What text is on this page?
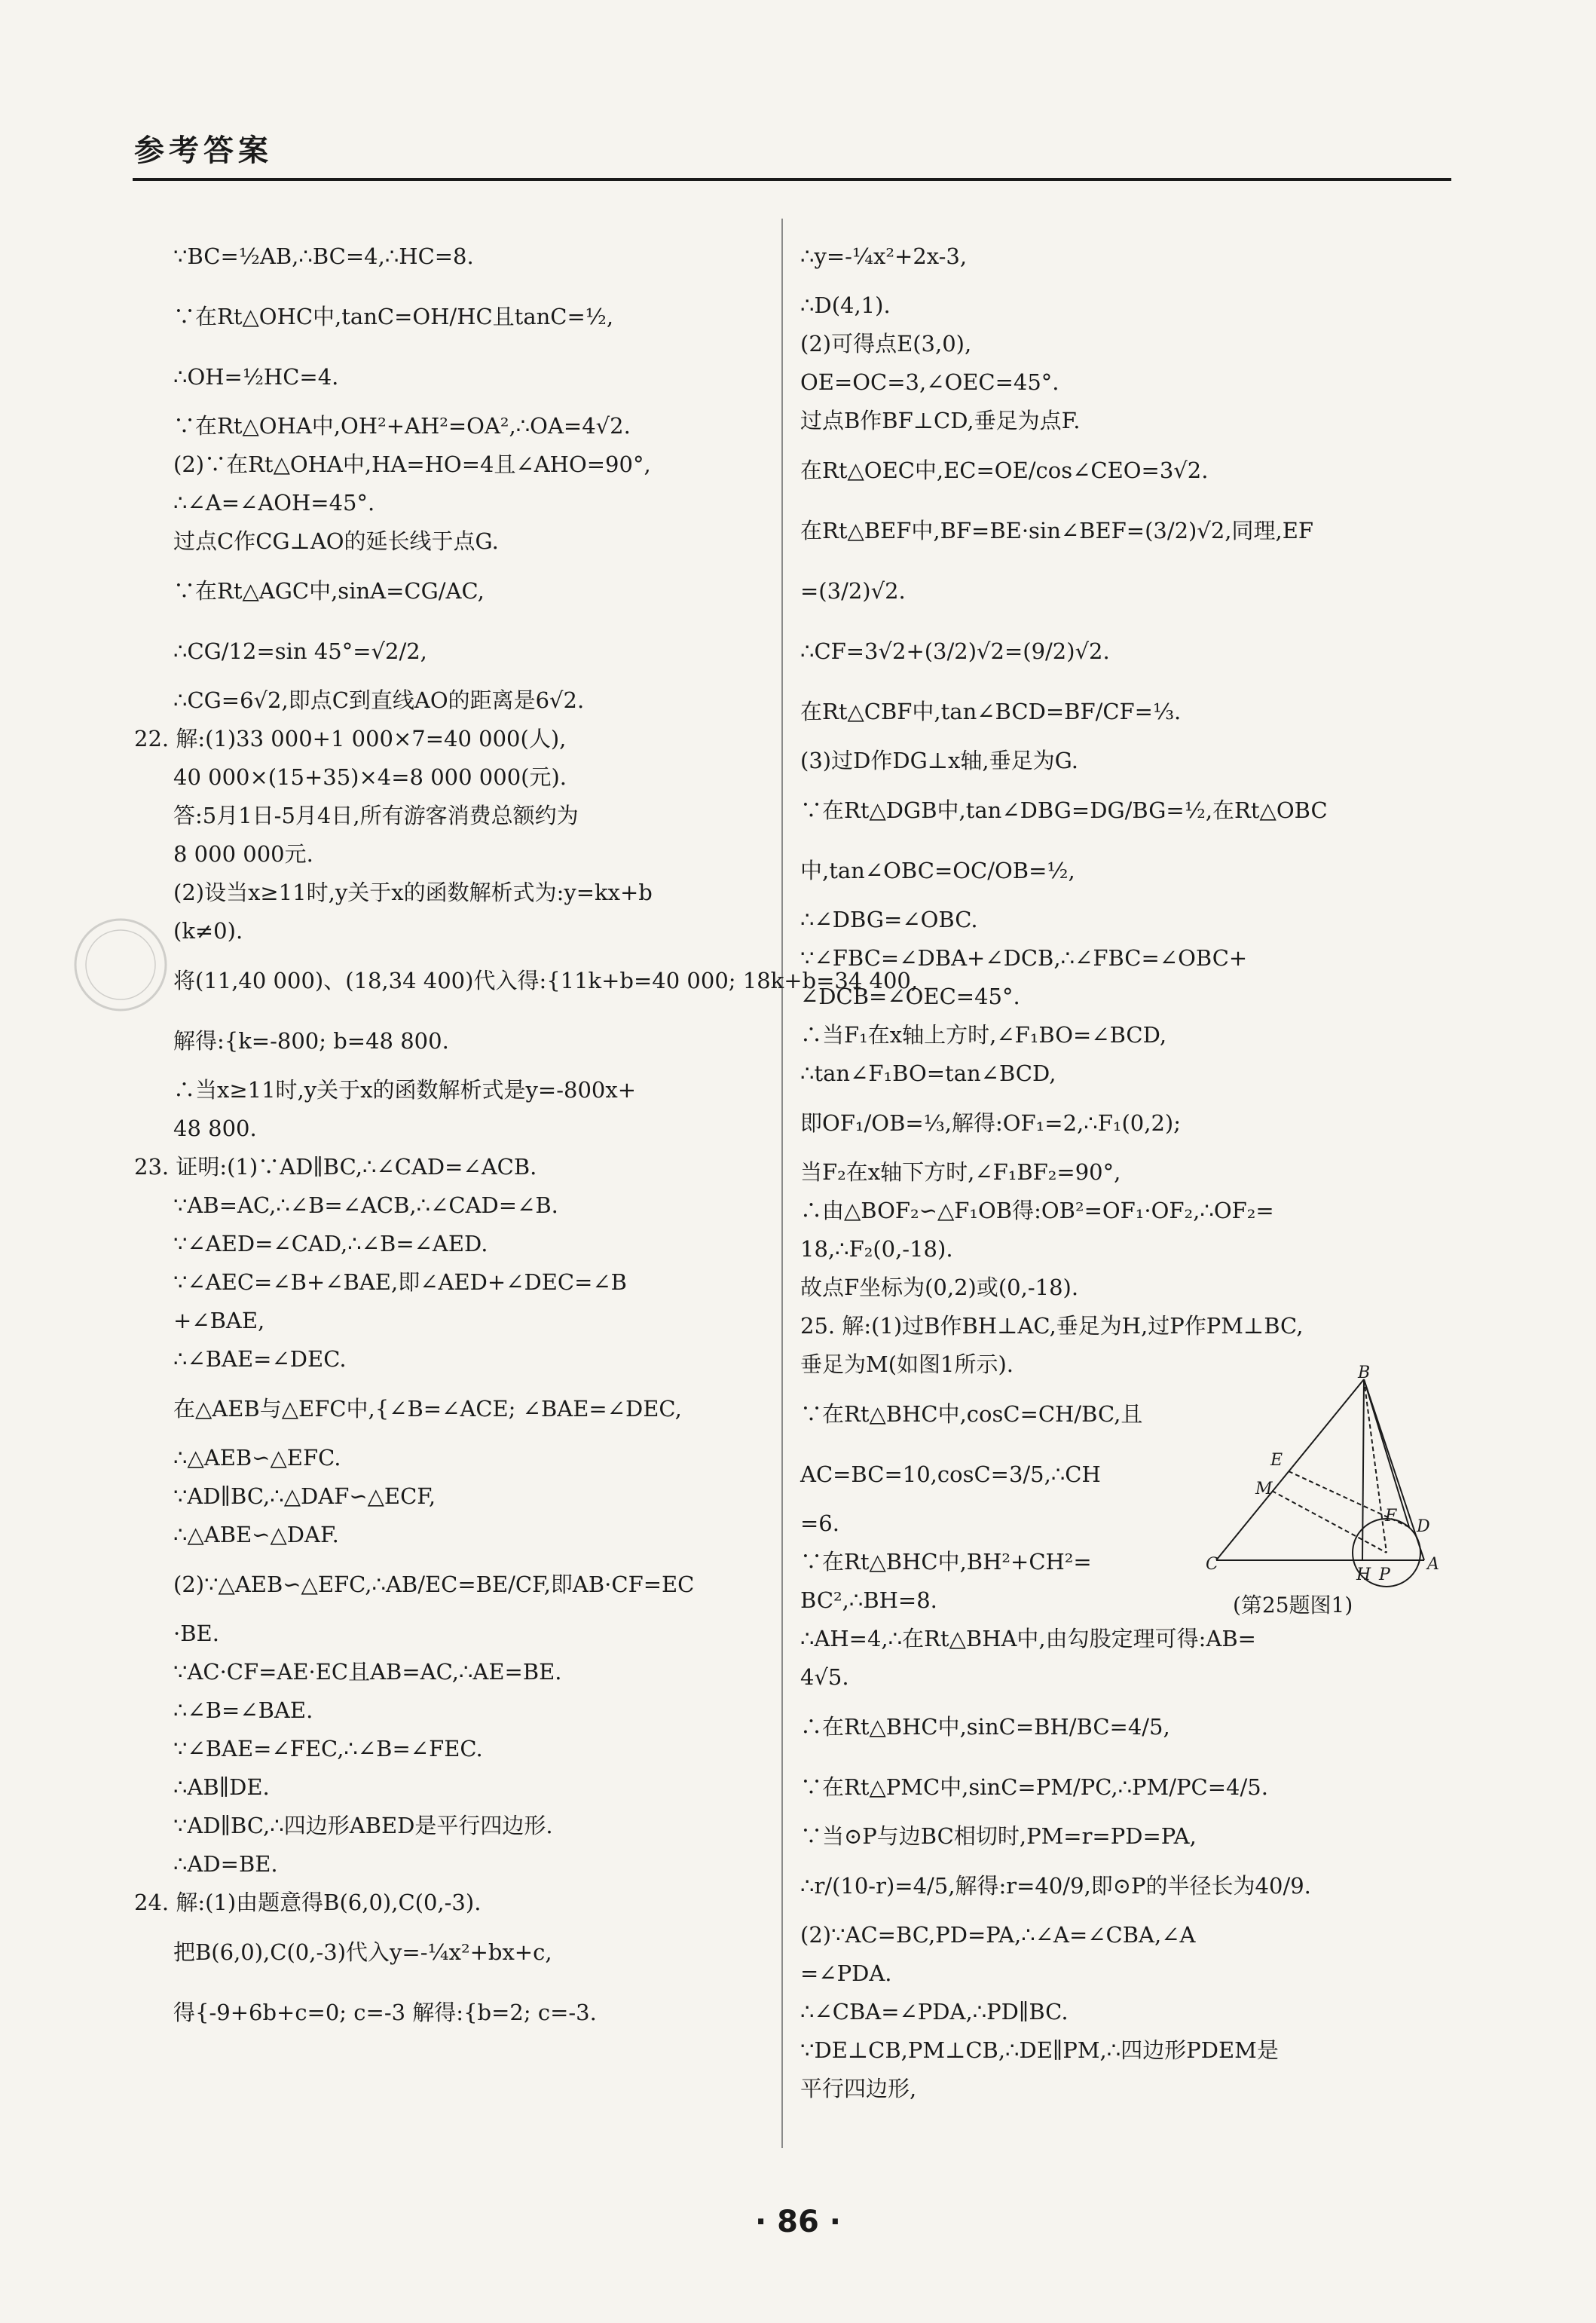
参考答案
∵BC=½AB,∴BC=4,∴HC=8.
∵在Rt△OHC中,tanC=OH/HC且tanC=½,
∴OH=½HC=4.
∵在Rt△OHA中,OH²+AH²=OA²,∴OA=4√2.
(2)∵在Rt△OHA中,HA=HO=4且∠AHO=90°,
∴∠A=∠AOH=45°.
过点C作CG⊥AO的延长线于点G.
∵在Rt△AGC中,sinA=CG/AC,
∴CG/12=sin 45°=√2/2,
∴CG=6√2,即点C到直线AO的距离是6√2.
22. 解:(1)33 000+1 000×7=40 000(人),
40 000×(15+35)×4=8 000 000(元).
答:5月1日-5月4日,所有游客消费总额约为
8 000 000元.
(2)设当x≥11时,y关于x的函数解析式为:y=kx+b
(k≠0).
将(11,40 000)、(18,34 400)代入得:{11k+b=40 000; 18k+b=34 400,
解得:{k=-800; b=48 800.
∴当x≥11时,y关于x的函数解析式是y=-800x+
48 800.
23. 证明:(1)∵AD∥BC,∴∠CAD=∠ACB.
∵AB=AC,∴∠B=∠ACB,∴∠CAD=∠B.
∵∠AED=∠CAD,∴∠B=∠AED.
∵∠AEC=∠B+∠BAE,即∠AED+∠DEC=∠B
+∠BAE,
∴∠BAE=∠DEC.
在△AEB与△EFC中,{∠B=∠ACE; ∠BAE=∠DEC,
∴△AEB∽△EFC.
∵AD∥BC,∴△DAF∽△ECF,
∴△ABE∽△DAF.
(2)∵△AEB∽△EFC,∴AB/EC=BE/CF,即AB·CF=EC
·BE.
∵AC·CF=AE·EC且AB=AC,∴AE=BE.
∴∠B=∠BAE.
∵∠BAE=∠FEC,∴∠B=∠FEC.
∴AB∥DE.
∵AD∥BC,∴四边形ABED是平行四边形.
∴AD=BE.
24. 解:(1)由题意得B(6,0),C(0,-3).
把B(6,0),C(0,-3)代入y=-¼x²+bx+c,
得{-9+6b+c=0; c=-3 解得:{b=2; c=-3.
∴y=-¼x²+2x-3,
∴D(4,1).
(2)可得点E(3,0),
OE=OC=3,∠OEC=45°.
过点B作BF⊥CD,垂足为点F.
在Rt△OEC中,EC=OE/cos∠CEO=3√2.
在Rt△BEF中,BF=BE·sin∠BEF=(3/2)√2,同理,EF
=(3/2)√2.
∴CF=3√2+(3/2)√2=(9/2)√2.
在Rt△CBF中,tan∠BCD=BF/CF=⅓.
(3)过D作DG⊥x轴,垂足为G.
∵在Rt△DGB中,tan∠DBG=DG/BG=½,在Rt△OBC
中,tan∠OBC=OC/OB=½,
∴∠DBG=∠OBC.
∵∠FBC=∠DBA+∠DCB,∴∠FBC=∠OBC+
∠DCB=∠OEC=45°.
∴当F₁在x轴上方时,∠F₁BO=∠BCD,
∴tan∠F₁BO=tan∠BCD,
即OF₁/OB=⅓,解得:OF₁=2,∴F₁(0,2);
当F₂在x轴下方时,∠F₁BF₂=90°,
∴由△BOF₂∽△F₁OB得:OB²=OF₁·OF₂,∴OF₂=
18,∴F₂(0,-18).
故点F坐标为(0,2)或(0,-18).
25. 解:(1)过B作BH⊥AC,垂足为H,过P作PM⊥BC,
垂足为M(如图1所示).
∵在Rt△BHC中,cosC=CH/BC,且
AC=BC=10,cosC=3/5,∴CH
=6.
∵在Rt△BHC中,BH²+CH²=
BC²,∴BH=8.
∴AH=4,∴在Rt△BHA中,由勾股定理可得:AB=
4√5.
∴在Rt△BHC中,sinC=BH/BC=4/5,
∵在Rt△PMC中,sinC=PM/PC,∴PM/PC=4/5.
∵当⊙P与边BC相切时,PM=r=PD=PA,
∴r/(10-r)=4/5,解得:r=40/9,即⊙P的半径长为40/9.
(2)∵AC=BC,PD=PA,∴∠A=∠CBA,∠A
=∠PDA.
∴∠CBA=∠PDA,∴PD∥BC.
∵DE⊥CB,PM⊥CB,∴DE∥PM,∴四边形PDEM是
平行四边形,
B
E
M
F
D
C
H P
A
(第25题图1)
· 86 ·
